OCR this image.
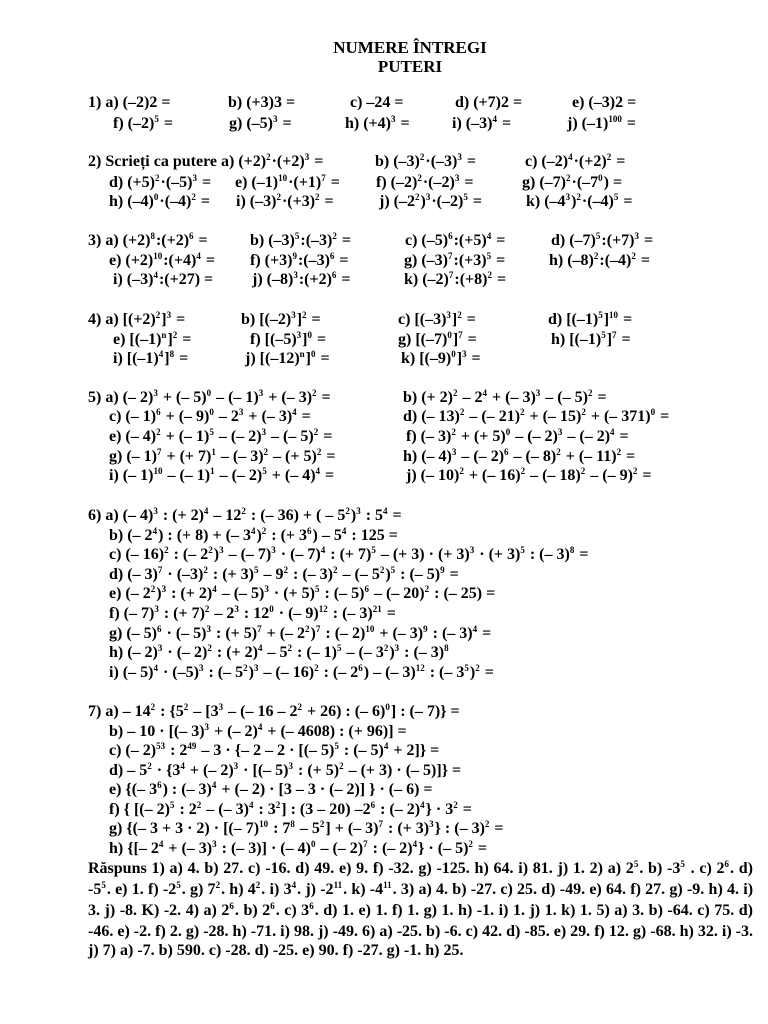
NUMERE ÎNTREGI
PUTERI
1) a) (–2)2 =	b) (+3)3 =	c) –24 =	d) (+7)2 =	e) (–3)2 =
f) $(-2)^5$ =	g) $(-5)^3$ =	h) $(+4)^3$ =	i) $(-3)^4$ =	j) $(-1)^{100}$ =
2) Scrieți ca putere a) $(+2)^2\cdot(+2)^3$ =	b) $(-3)^2\cdot(-3)^3$ =	c) $(-2)^4\cdot(+2)^2$ =
d) $(+5)^2\cdot(-5)^3 = e$) $(-1)^{10}\cdot(+1)^7 = f$) $(-2)^2\cdot(-2)^3$ =	g) $(-7)^2\cdot(-7^0)$ =
h) $(-4)^0\cdot(-4)^2 = i$) $(-3)^2\cdot(+3)^2$ =	j) $(-2^2)^3\cdot(-2)^5$ =	k) $(-4^3)^2\cdot(-4)^5$ =
3) a) $(+2)^8:(+2)^6$ =	b) $(-3)^5:(-3)^2$ =	c) $(-5)^6:(+5)^4$ =	d) $(-7)^5:(+7)^3$ =
e) $(+2)^{10}:(+4)^4 = f$) $(+3)^9:(-3)^6$ =	g) $(-3)^7:(+3)^5$ =	h) $(-8)^2:(-4)^2$ =
i) $(-3)^4:(+27) = j$) $(-8)^3:(+2)^6$ =	k) $(-2)^7:(+8)^2$ =
4) a) $[(+2)^2]^3$ =	b) $[(-2)^3]^2$ =	c) $[(-3)^3]^2$ =	d) $[(-1)^5]^{10}$ =
e) $[(-1)^n]^2$ =	f) $[(-5)^3]^0$ =	g) $[(-7)^0]^7$ =	h) $[(-1)^5]^7$ =
i) $[(-1)^4]^8$ =	j) $[(-12)^n]^0$ =	k) $[(-9)^0]^3$ =
5) a) (– 2)$^3$ + (– 5)$^0$ – (– 1)$^3$ + (– 3)$^2$ =	b) (+ $2)^2 - 2^4$ + (– 3)$^3$ – (– 5)$^2$ =
c) (– 1)$^6$ + (– $9)^0 - 2^3$ + (– 3)$^4$ =	d) (– 13)$^2$ – (– 21)$^2$ + (– 15)$^2$ + (– 371)$^0$ =
e) (– 4)$^2$ + (– 1)$^5$ – (– 2)$^3$ – (– 5)$^2$ =	f) (– 3)$^2$ + (+ 5)$^0$ – (– 2)$^3$ – (– 2)$^4$ =
g) (– 1)$^7$ + (+ 7)$^1$ – (– 3)$^2$ – (+ 5)$^2$ =	h) (– 4)$^3$ – (– 2)$^6$ – (– 8)$^2$ + (– 11)$^2$ =
i) (– 1)$^{10}$ – (– 1)$^1$ – (– 2)$^5$ + (– 4)$^4$ =	j) (– 10)$^2$ + (– 16)$^2$ – (– 18)$^2$ – (– 9)$^2$ =
6) a) (– 4)$^3$ : (+ $2)^4 - 12^2$ : (– 36) + ( – $5^2)^3$ : $5^4$ =
b) (– $2^4$) : (+ 8) + (– $3^4)^2$ : (+ $3^6) - 5^4$ : 125 =
c) (– 16)$^2$ : (– $2^2)^3$ – (– 7)$^3$ · (– 7)$^4$ : (+ 7)$^5$ – (+ 3) · (+ 3)$^3$ · (+ 3)$^5$ : (– 3)$^8$ =
d) (– $3)^7 \cdot (-3)^2$ : (+ $3)^5 - 9^2$ : (– 3)$^2$ – (– $5^2)^5$ : (– 5)$^9$ =
e) (– $2^2)^3$ : (+ 2)$^4$ – (– 5)$^3$ · (+ 5)$^5$ : (– 5)$^6$ – (– 20)$^2$ : (– 25) =
f) (– 7)$^3$ : (+ $7)^2 - 2^3$ : $12^0$ · (– 9)$^{12}$ : (– 3)$^{21}$ =
g) (– 5)$^6$ · (– 5)$^3$ : (+ 5)$^7$ + (– $2^2)^7$ : (– 2)$^{10}$ + (– 3)$^9$ : (– 3)$^4$ =
h) (– 2)$^3$ · (– 2)$^2$ : (+ $2)^4 - 5^2$ : (– 1)$^5$ – (– $3^2)^3$ : (– 3)$^8$
i) (– $5)^4 \cdot (-5)^3$ : (– $5^2)^3$ – (– 16)$^2$ : (– $2^6$) – (– 3)$^{12}$ : (– $3^5)^2$ =
7) $a) - 14^2$ : {$5^2 - [3^3$ – (– $16 - 2^2 + 26$) : (– 6)$^0$] : (– 7)} =
b) – 10 · [(– 3)$^3$ + (– 2)$^4$ + (– 4608) : (+ 96)] =
c) (– 2)$^{53}$ : $2^{49} - 3$ · {– 2 – 2 · [(– 5)$^5$ : (– 5)$^4$ + 2]} =
$d) - 5^2 \cdot \{3^4$ + (– 2)$^3$ · [(– 5)$^3$ : (+ 5)$^2$ – (+ 3) · (– 5)]} =
e) {(– $3^6$) : (– 3)$^4$ + (– 2) · [3 – 3 · (– 2)] } · (– 6) =
f) { [(– 2)$^5$ : $2^2$ – (– 3)$^4$ : $3^2$] : (3 – 20) $-2^6$ : (– $2)^4\} \cdot 3^2$ =
g) {(– 3 + 3 · 2) · [(– 7)$^{10}$ : $7^8 - 5^2$] + (– 3)$^7$ : (+ 3)$^3$} : (– 3)$^2$ =
h) {[– $2^4$ + (– 3)$^3$ : (– 3)] · (– 4)$^0$ – (– 2)$^7$ : (– 2)$^4$} · (– 5)$^2$ =
Răspuns 1) a) 4. b) 27. c) -16. d) 49. e) 9. f) -32. g) -125. h) 64. i) 81. j) 1. 2) a) $2^5$. b) $-3^5$ . c) $2^6$. d) $-5^5$. e) 1. f) $-2^5$. g) $7^2$. h) $4^2$. i) $3^4$. j) $-2^{11}$. k) $-4^{11}$. 3) a) 4. b) -27. c) 25. d) -49. e) 64. f) 27. g) -9. h) 4. i) 3. j) -8. K) -2. 4) a) $2^6$. b) $2^6$. c) $3^6$. d) 1. e) 1. f) 1. g) 1. h) -1. i) 1. j) 1. k) 1. 5) a) 3. b) -64. c) 75. d) -46. e) -2. f) 2. g) -28. h) -71. i) 98. j) -49. 6) a) -25. b) -6. c) 42. d) -85. e) 29. f) 12. g) -68. h) 32. i) -3. j) 7) a) -7. b) 590. c) -28. d) -25. e) 90. f) -27. g) -1. h) 25.
